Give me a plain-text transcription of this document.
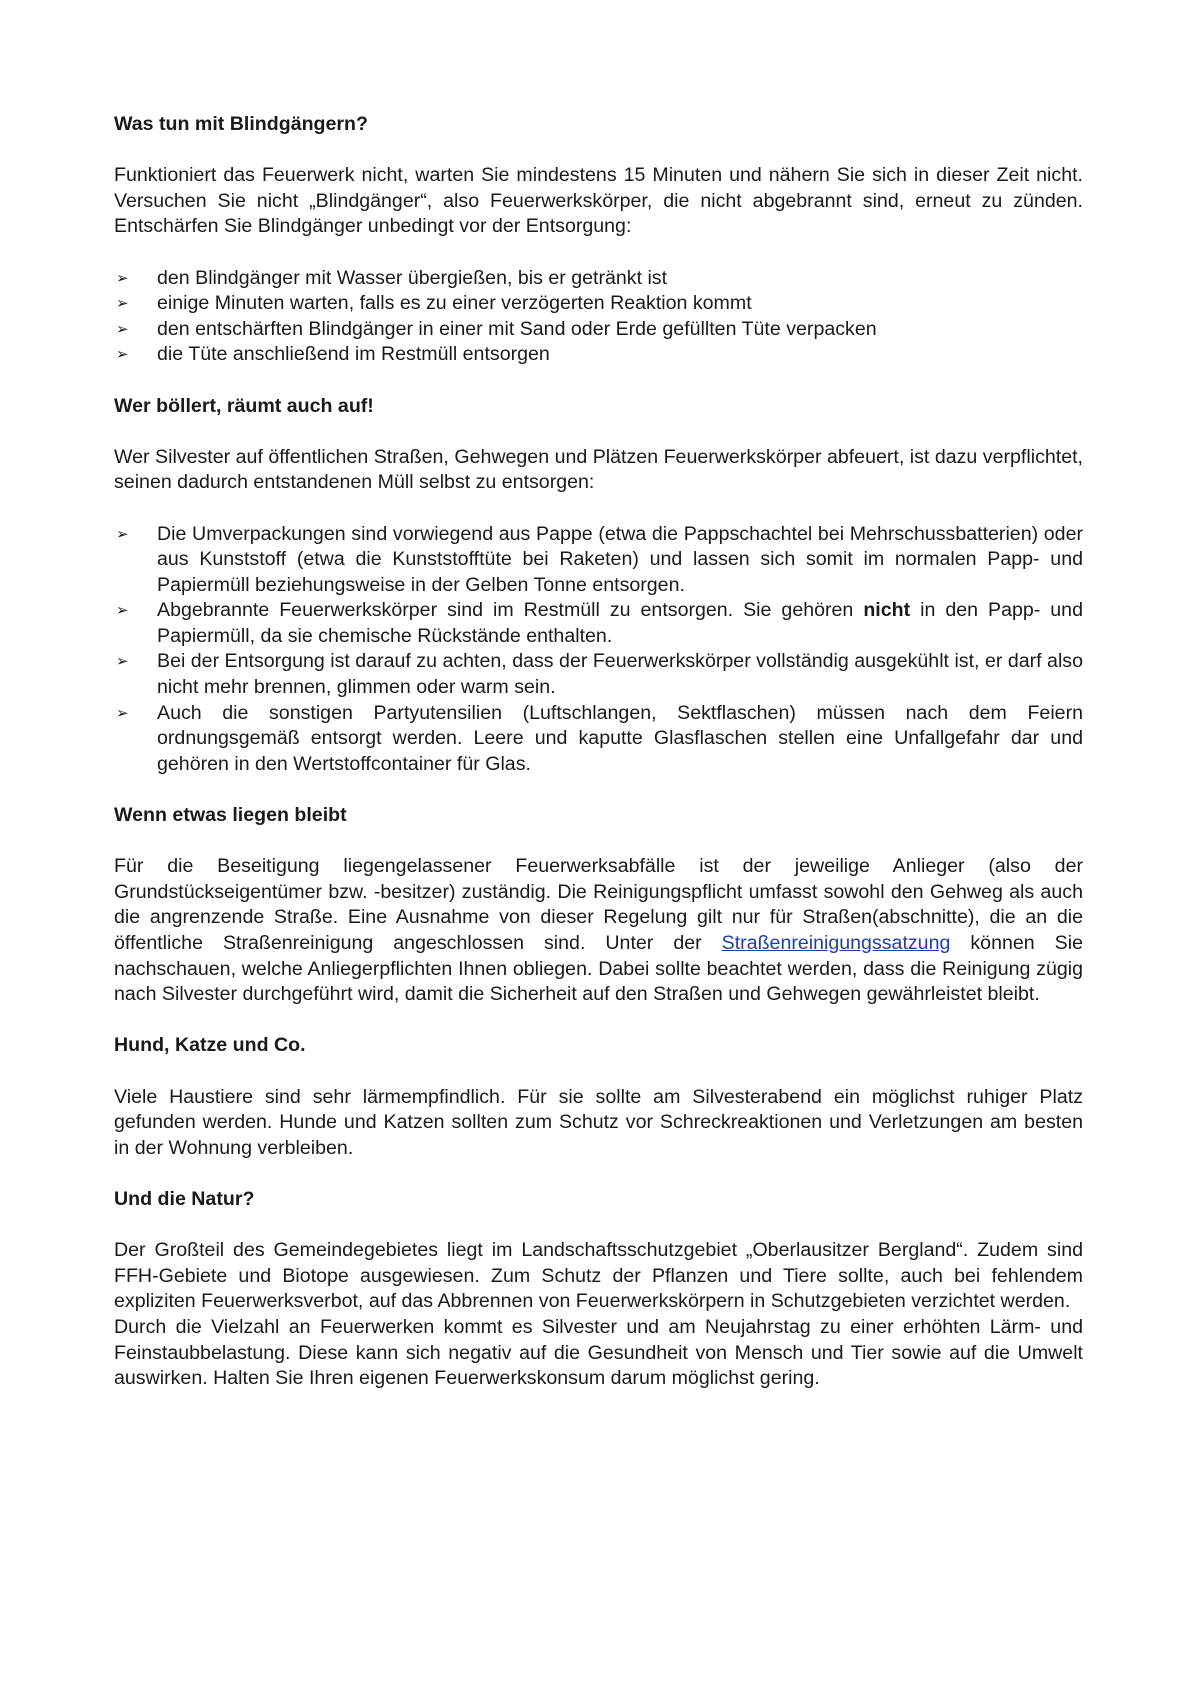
Was tun mit Blindgängern?

Funktioniert das Feuerwerk nicht, warten Sie mindestens 15 Minuten und nähern Sie sich in dieser Zeit nicht. Versuchen Sie nicht „Blindgänger“, also Feuerwerkskörper, die nicht abgebrannt sind, erneut zu zünden. Entschärfen Sie Blindgänger unbedingt vor der Entsorgung:

➢ den Blindgänger mit Wasser übergießen, bis er getränkt ist
➢ einige Minuten warten, falls es zu einer verzögerten Reaktion kommt
➢ den entschärften Blindgänger in einer mit Sand oder Erde gefüllten Tüte verpacken
➢ die Tüte anschließend im Restmüll entsorgen
Wer böllert, räumt auch auf!

Wer Silvester auf öffentlichen Straßen, Gehwegen und Plätzen Feuerwerkskörper abfeuert, ist dazu verpflichtet, seinen dadurch entstandenen Müll selbst zu entsorgen:

➢ Die Umverpackungen sind vorwiegend aus Pappe (etwa die Pappschachtel bei Mehrschussbatterien) oder aus Kunststoff (etwa die Kunststofftüte bei Raketen) und lassen sich somit im normalen Papp- und Papiermüll beziehungsweise in der Gelben Tonne entsorgen.
➢ Abgebrannte Feuerwerkskörper sind im Restmüll zu entsorgen. Sie gehören nicht in den Papp- und Papiermüll, da sie chemische Rückstände enthalten.
➢ Bei der Entsorgung ist darauf zu achten, dass der Feuerwerkskörper vollständig ausgekühlt ist, er darf also nicht mehr brennen, glimmen oder warm sein.
➢ Auch die sonstigen Partyutensilien (Luftschlangen, Sektflaschen) müssen nach dem Feiern ordnungsgemäß entsorgt werden. Leere und kaputte Glasflaschen stellen eine Unfallgefahr dar und gehören in den Wertstoffcontainer für Glas.
Wenn etwas liegen bleibt

Für die Beseitigung liegengelassener Feuerwerksabfälle ist der jeweilige Anlieger (also der Grundstückseigentümer bzw. -besitzer) zuständig. Die Reinigungspflicht umfasst sowohl den Gehweg als auch die angrenzende Straße. Eine Ausnahme von dieser Regelung gilt nur für Straßen(abschnitte), die an die öffentliche Straßenreinigung angeschlossen sind. Unter der Straßenreinigungssatzung können Sie nachschauen, welche Anliegerpflichten Ihnen obliegen. Dabei sollte beachtet werden, dass die Reinigung zügig nach Silvester durchgeführt wird, damit die Sicherheit auf den Straßen und Gehwegen gewährleistet bleibt.

Hund, Katze und Co.

Viele Haustiere sind sehr lärmempfindlich. Für sie sollte am Silvesterabend ein möglichst ruhiger Platz gefunden werden. Hunde und Katzen sollten zum Schutz vor Schreckreaktionen und Verletzungen am besten in der Wohnung verbleiben.

Und die Natur?

Der Großteil des Gemeindegebietes liegt im Landschaftsschutzgebiet „Oberlausitzer Bergland“. Zudem sind FFH-Gebiete und Biotope ausgewiesen. Zum Schutz der Pflanzen und Tiere sollte, auch bei fehlendem expliziten Feuerwerksverbot, auf das Abbrennen von Feuerwerkskörpern in Schutzgebieten verzichtet werden.

Durch die Vielzahl an Feuerwerken kommt es Silvester und am Neujahrstag zu einer erhöhten Lärm- und Feinstaubbelastung. Diese kann sich negativ auf die Gesundheit von Mensch und Tier sowie auf die Umwelt auswirken. Halten Sie Ihren eigenen Feuerwerkskonsum darum möglichst gering.
